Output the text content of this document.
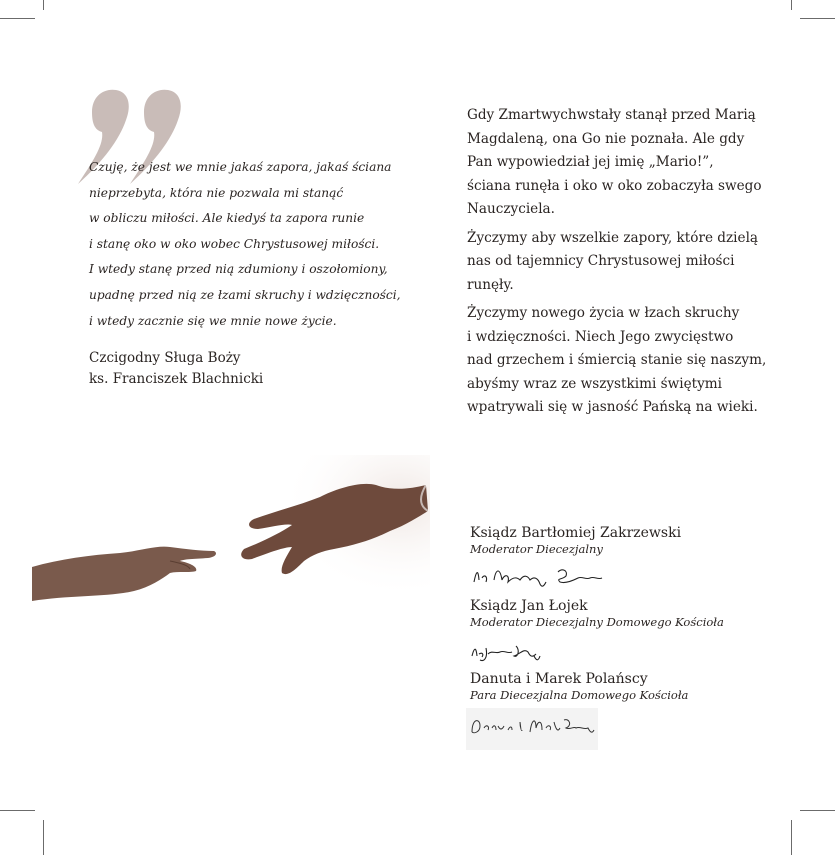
Czuję, że jest we mnie jakaś zapora, jakaś ściana
nieprzebyta, która nie pozwala mi stanąć
w obliczu miłości. Ale kiedyś ta zapora runie
i stanę oko w oko wobec Chrystusowej miłości.
I wtedy stanę przed nią zdumiony i oszołomiony,
upadnę przed nią ze łzami skruchy i wdzięczności,
i wtedy zacznie się we mnie nowe życie.
Czcigodny Sługa Boży
ks. Franciszek Blachnicki

Gdy Zmartwychwstały stanął przed Marią
Magdaleną, ona Go nie poznała. Ale gdy
Pan wypowiedział jej imię „Mario!”,
ściana runęła i oko w oko zobaczyła swego
Nauczyciela.

Życzymy aby wszelkie zapory, które dzielą
nas od tajemnicy Chrystusowej miłości
runęły.

Życzymy nowego życia w łzach skruchy
i wdzięczności. Niech Jego zwycięstwo
nad grzechem i śmiercią stanie się naszym,
abyśmy wraz ze wszystkimi świętymi
wpatrywali się w jasność Pańską na wieki.

Ksiądz Bartłomiej Zakrzewski
Moderator Diecezjalny
Ksiądz Jan Łojek
Moderator Diecezjalny Domowego Kościoła
Danuta i Marek Polańscy
Para Diecezjalna Domowego Kościoła
